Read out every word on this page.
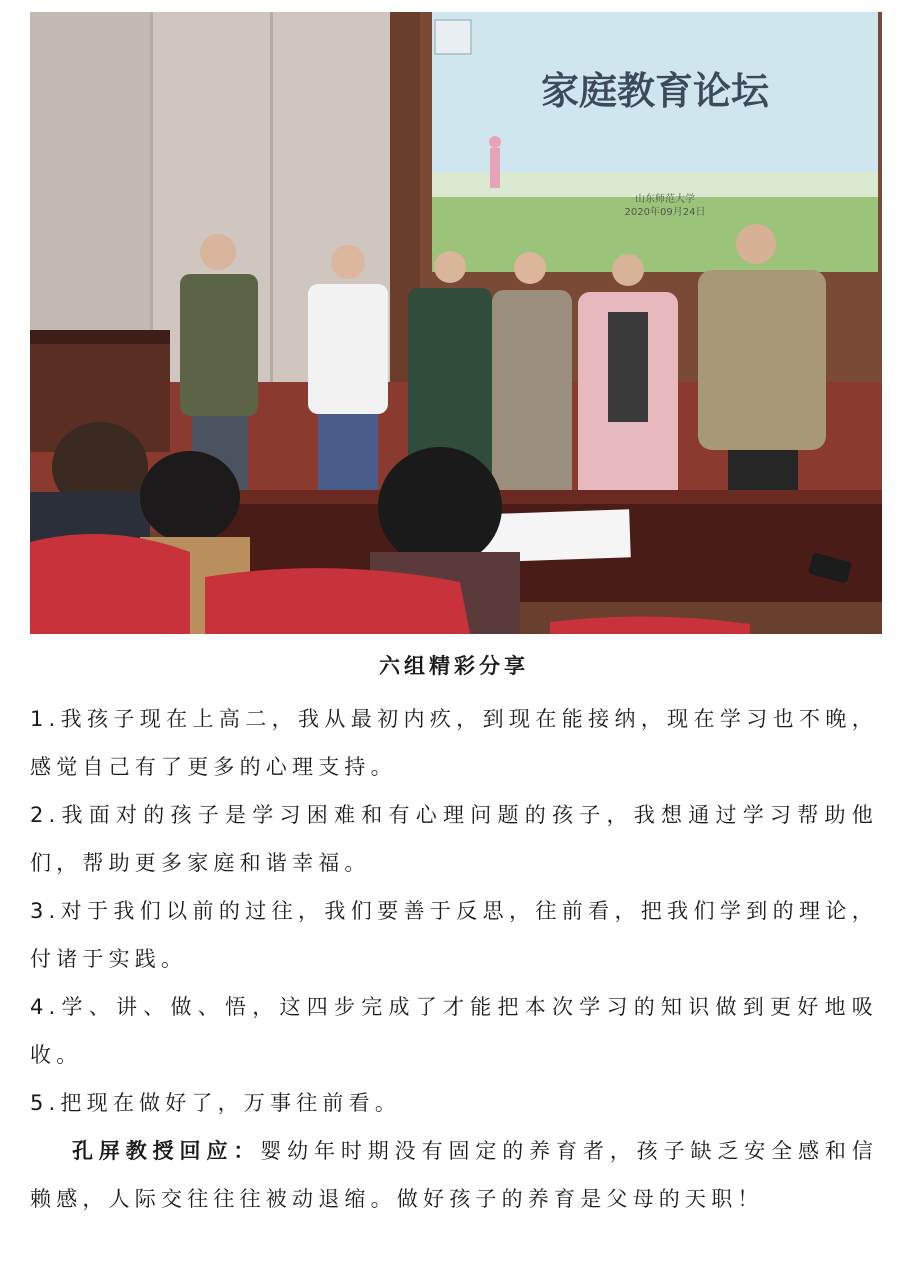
家庭教育论坛
山东师范大学
2020年09月24日
六组精彩分享

1.我孩子现在上高二，我从最初内疚，到现在能接纳，现在学习也不晚，感觉自己有了更多的心理支持。

2.我面对的孩子是学习困难和有心理问题的孩子，我想通过学习帮助他们，帮助更多家庭和谐幸福。

3.对于我们以前的过往，我们要善于反思，往前看，把我们学到的理论，付诸于实践。

4.学、讲、做、悟，这四步完成了才能把本次学习的知识做到更好地吸收。

5.把现在做好了，万事往前看。

孔屏教授回应：婴幼年时期没有固定的养育者，孩子缺乏安全感和信赖感，人际交往往往被动退缩。做好孩子的养育是父母的天职！
